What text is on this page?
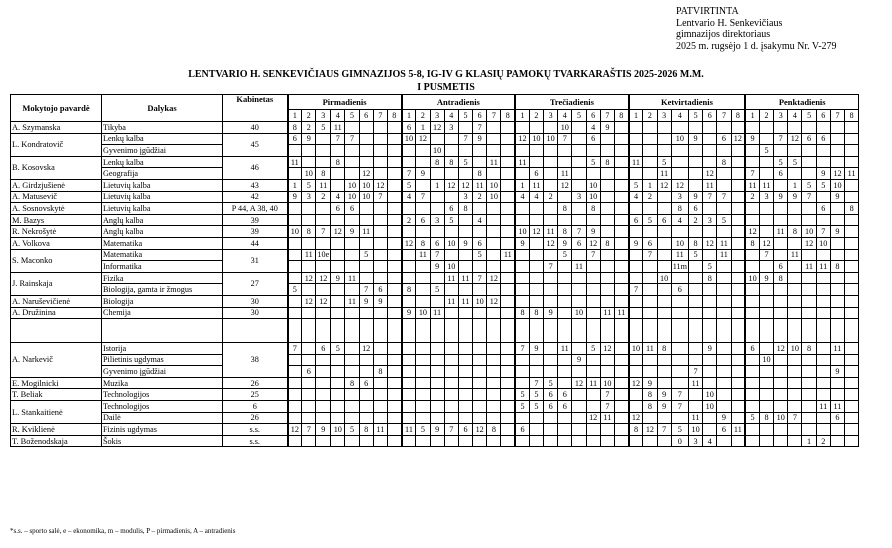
PATVIRTINTA
Lentvario H. Senkevičiaus
gimnazijos direktoriaus
2025 m. rugsėjo 1 d. įsakymu Nr. V-279
LENTVARIO H. SENKEVIČIAUS GIMNAZIJOS 5-8, IG-IV G KLASIŲ PAMOKŲ TVARKARAŠTIS 2025-2026 M.M.
I PUSMETIS
Mokytojo pavardė	Dalykas	Kabinetas	Pirmadienis								Antradienis								Trečiadienis								Ketvirtadienis								Penktadienis							
			1	2	3	4	5	6	7	8	1	2	3	4	5	6	7	8	1	2	3	4	5	6	7	8	1	2	3	4	5	6	7	8	1	2	3	4	5	6	7	8
A. Szymanska	Tikyba	40	8	2	5	11					6	1	12	3		7						10		4	9																	
L. Kondratovič	Lenkų kalba	45	6	9		7	7				10	12			7	9			12	10	10	7		6						10	9		6	12	9		7	12	6	6		
	Gyvenimo įgūdžiai												10																							5						
B. Kosovska	Lenkų kalba	46	11			8							8	8	5		11		11					5	8		11		5				8				5	5				
	Geografija			10	8			12			7	9				8				6		11							11			12			7		6			9	12	11
A. Girdzjušienė	Lietuvių kalba	43	1	5	11		10	10	12		5		1	12	12	11	10		1	11		12		10			5	1	12	12		11			11	11		1	5	5	10	
A. Matusevič	Lietuvių kalba	42	9	3	2	4	10	10	7		4	7			3	2	10		4	4	2		3	10			4	2		3	9	7	7		2	3	9	9	7		9	
A. Sosnovskytė	Lietuvių kalba	P 44, A 38, 40				6	6							6	8							8		8						8	6									6		8
M. Bazys	Anglų kalba	39									2	6	3	5		4											6	5	6	4	2	3	5									
R. Nekrošytė	Anglų kalba	39	10	8	7	12	9	11											10	12	11	8	7	9											12		11	8	10	7	9	
A. Volkova	Matematika	44									12	8	6	10	9	6			9		12	9	6	12	8		9	6		10	8	12	11		8	12			12	10		
S. Maconko	Matematika	31		11	10e			5				11	7			5		11				5		7				7		11	5		11			7		11				
	Informatika												9	10							7		11							11m		5					6		11	11	8	
J. Rainskaja	Fizika	27		12	12	9	11							11	11	7	12												10			8			10	9	8					
	Biologija, gamta ir žmogus		5					7	6		8		5														7			6												
A. Naruševičienė	Biologija	30		12	12		11	9	9					11	11	10	12																									
A. Družinina	Chemija	30									9	10	11						8	8	9		10		11	11																

A. Narkevič	Istorija	38	7		6	5		12											7	9		11		5	12		10	11	8			9			6		12	10	8		11	
	Pilietinis ugdymas																						9													10						
	Gyvenimo įgūdžiai			6					8																						7										9	
E. Mogilnicki	Muzika	26					8	6												7	5		12	11	10		12	9			11											
T. Beliak	Technologijos	25																	5	5	6	6			7			8	9	7		10										
L. Stankaitienė	Technologijos	6																	5	5	6	6			7			8	9	7		10								11	11	
	Dailė	26																						12	11		12				11		9		5	8	10	7			6	
R. Kviklienė	Fizinis ugdymas	s.s.	12	7	9	10	5	8	11		11	5	9	7	6	12	8		6								8	12	7	5	10		6	11								
T. Boženodskaja	Šokis	s.s.																												0	3	4							1	2		
*s.s. – sporto salė, e – ekonomika, m – modulis, P – pirmadienis, A – antradienis
